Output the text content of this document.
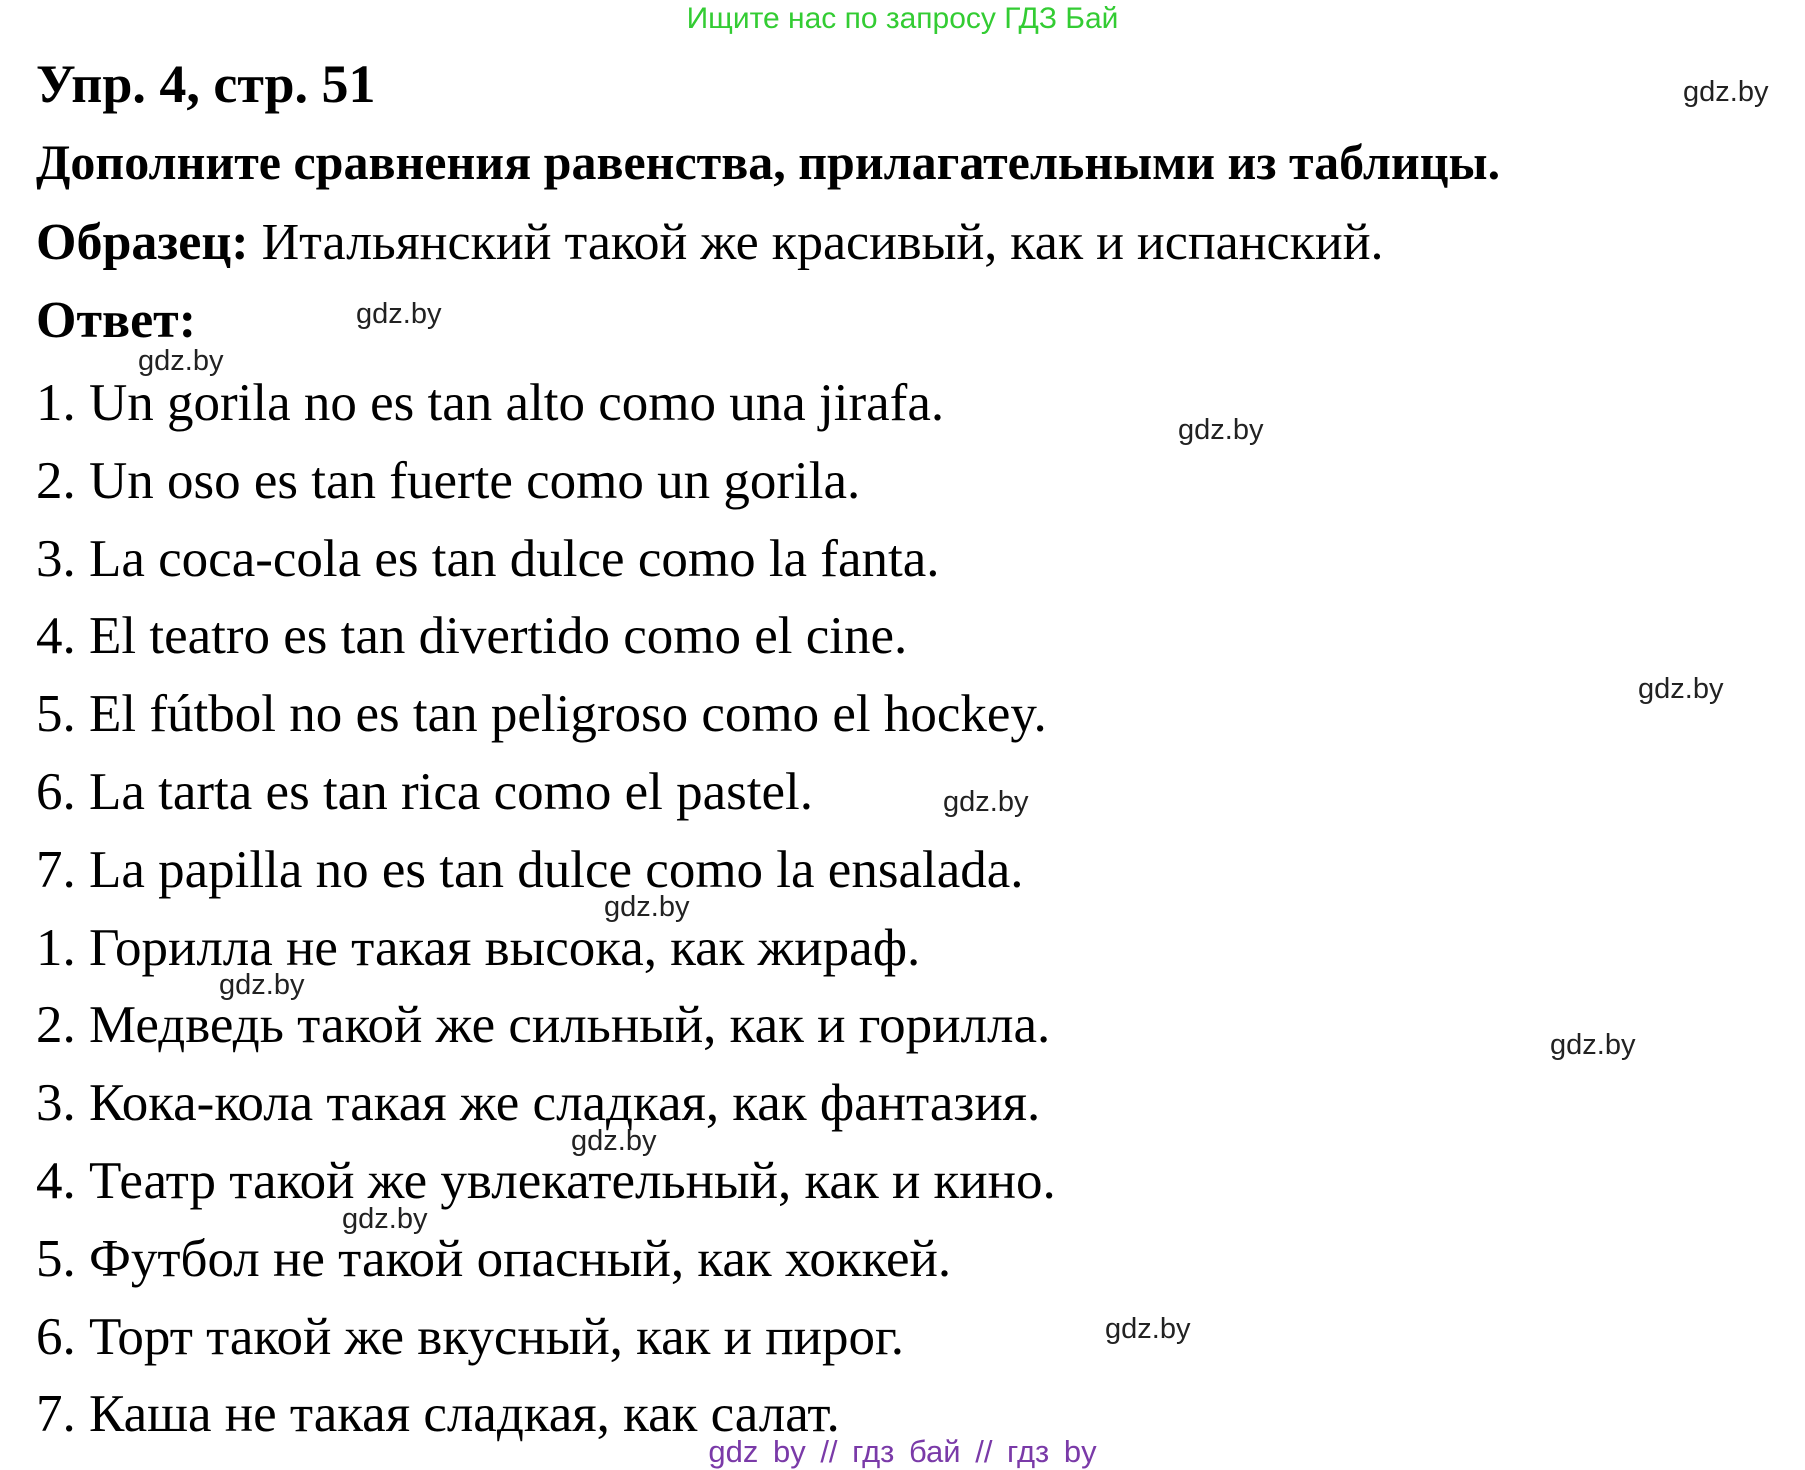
Ищите нас по запросу ГДЗ Бай
Упр. 4, стр. 51
Дополните сравнения равенства, прилагательными из таблицы.
Образец: Итальянский такой же красивый, как и испанский.
Ответ:
1. Un gorila no es tan alto como una jirafa.
2. Un oso es tan fuerte como un gorila.
3. La coca-cola es tan dulce como la fanta.
4. El teatro es tan divertido como el cine.
5. El fútbol no es tan peligroso como el hockey.
6. La tarta es tan rica como el pastel.
7. La papilla no es tan dulce como la ensalada.
1. Горилла не такая высока, как жираф.
2. Медведь такой же сильный, как и горилла.
3. Кока-кола такая же сладкая, как фантазия.
4. Театр такой же увлекательный, как и кино.
5. Футбол не такой опасный, как хоккей.
6. Торт такой же вкусный, как и пирог.
7. Каша не такая сладкая, как салат.
gdz.by
gdz.by
gdz.by
gdz.by
gdz.by
gdz.by
gdz.by
gdz.by
gdz.by
gdz.by
gdz.by
gdz.by
gdz by // гдз бай // гдз by
